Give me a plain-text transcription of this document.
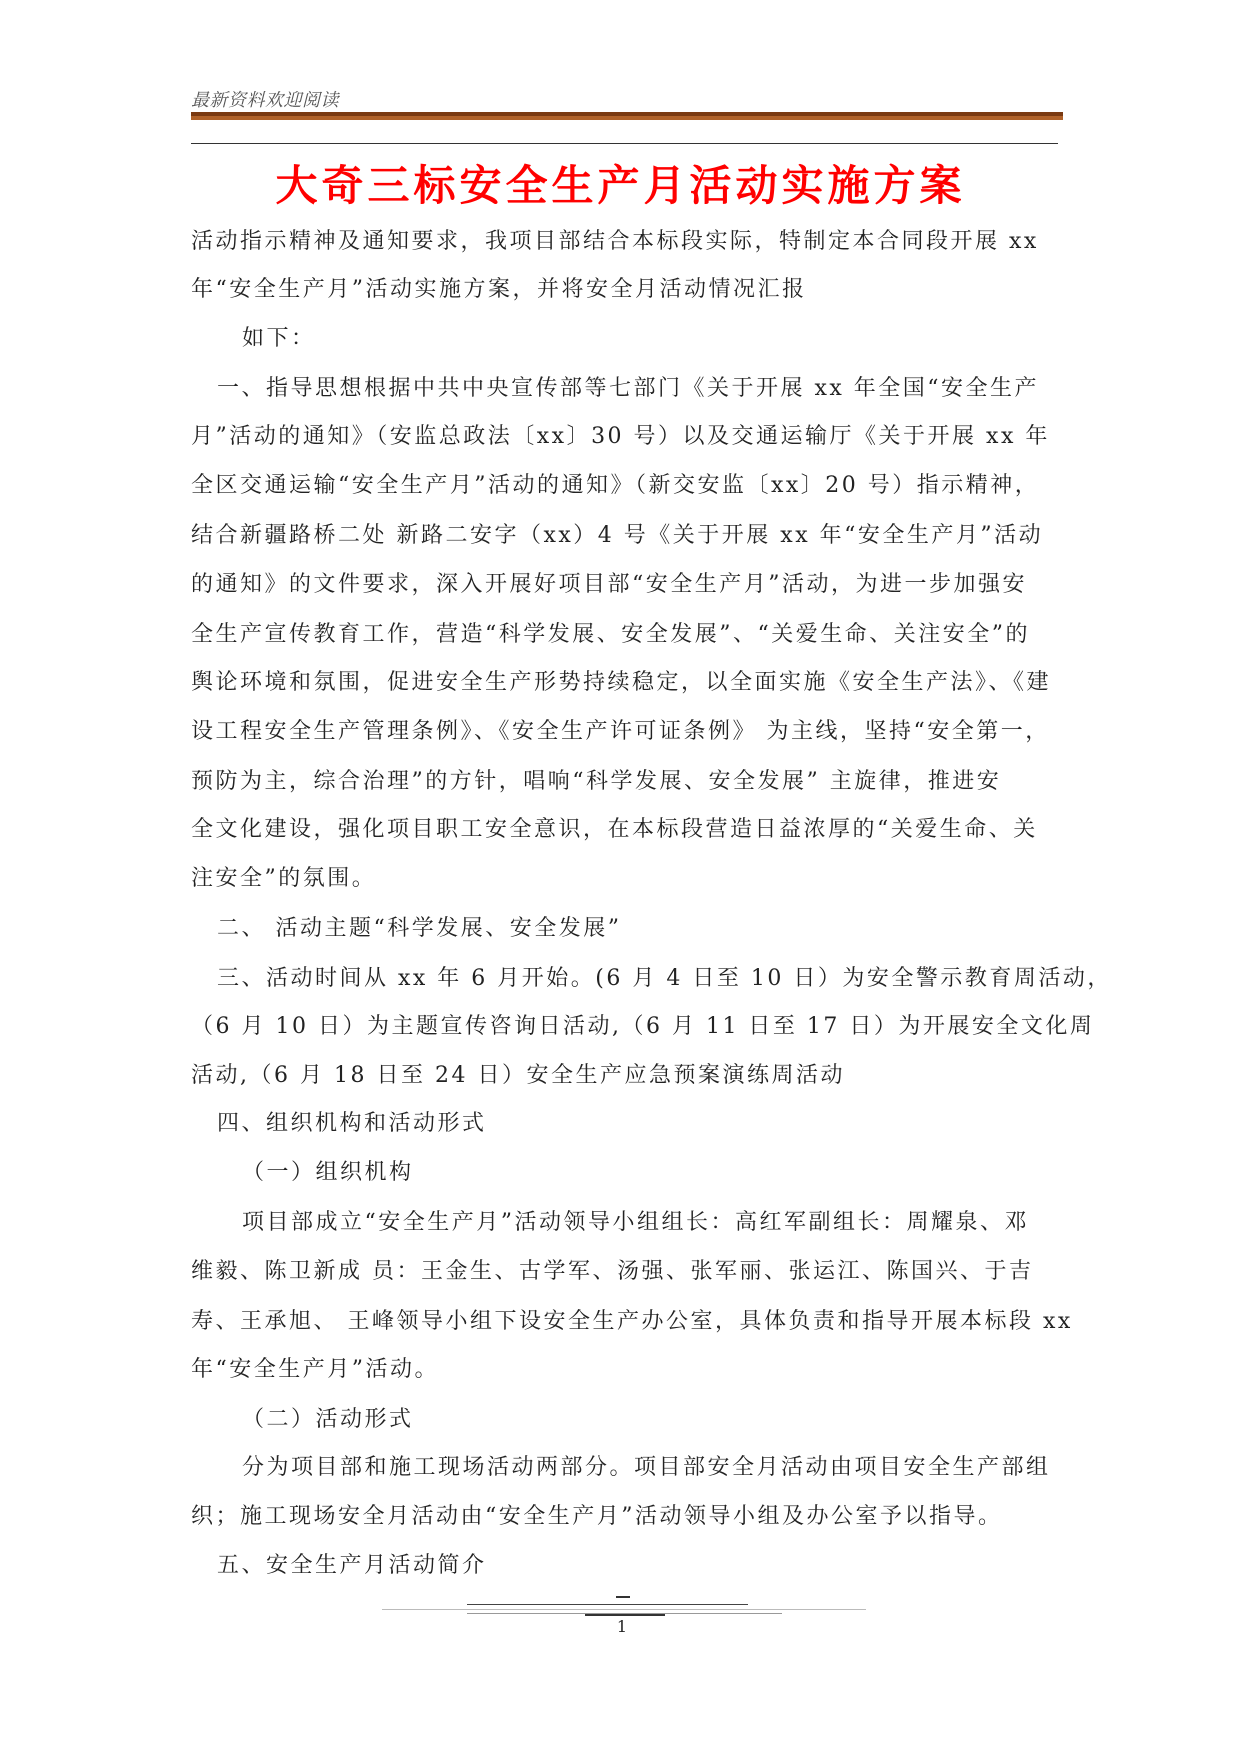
最新资料欢迎阅读
大奇三标安全生产月活动实施方案
活动指示精神及通知要求，我项目部结合本标段实际，特制定本合同段开展 xx
年“安全生产月”活动实施方案，并将安全月活动情况汇报
如下：
一、指导思想根据中共中央宣传部等七部门《关于开展 xx 年全国“安全生产
月”活动的通知》（安监总政法〔xx〕30 号）以及交通运输厅《关于开展 xx 年
全区交通运输“安全生产月”活动的通知》（新交安监〔xx〕20 号）指示精神，
结合新疆路桥二处 新路二安字（xx）4 号《关于开展 xx 年“安全生产月”活动
的通知》的文件要求，深入开展好项目部“安全生产月”活动，为进一步加强安
全生产宣传教育工作，营造“科学发展、安全发展”、“关爱生命、关注安全”的
舆论环境和氛围，促进安全生产形势持续稳定，以全面实施《安全生产法》、《建
设工程安全生产管理条例》、《安全生产许可证条例》 为主线，坚持“安全第一，
预防为主，综合治理”的方针，唱响“科学发展、安全发展” 主旋律，推进安
全文化建设，强化项目职工安全意识，在本标段营造日益浓厚的“关爱生命、关
注安全”的氛围。
二、 活动主题“科学发展、安全发展”
三、活动时间从 xx 年 6 月开始。(6 月 4 日至 10 日）为安全警示教育周活动，
（6 月 10 日）为主题宣传咨询日活动,（6 月 11 日至 17 日）为开展安全文化周
活动,（6 月 18 日至 24 日）安全生产应急预案演练周活动
四、组织机构和活动形式
（一）组织机构
项目部成立“安全生产月”活动领导小组组长：高红军副组长：周耀泉、邓
维毅、陈卫新成 员：王金生、古学军、汤强、张军丽、张运江、陈国兴、于吉
寿、王承旭、 王峰领导小组下设安全生产办公室，具体负责和指导开展本标段 xx
年“安全生产月”活动。
（二）活动形式
分为项目部和施工现场活动两部分。项目部安全月活动由项目安全生产部组
织；施工现场安全月活动由“安全生产月”活动领导小组及办公室予以指导。
五、安全生产月活动简介
1
